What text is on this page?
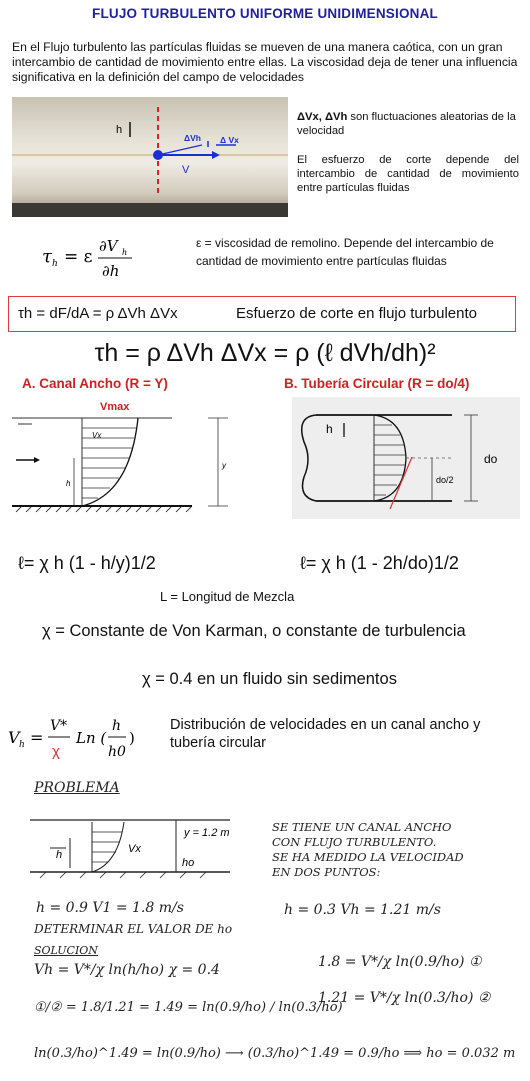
FLUJO TURBULENTO UNIFORME UNIDIMENSIONAL
En el Flujo turbulento las partículas fluidas se mueven de una manera caótica, con un gran intercambio de cantidad de movimiento entre ellas. La viscosidad deja de tener una influencia significativa en la definición del campo de velocidades
h
ΔVh Δ Vx
V
ΔVx, ΔVh son fluctuaciones aleatorias de la velocidad
El esfuerzo de corte depende del intercambio de cantidad de movimiento entre partículas fluidas
τ h = ε
∂V h
∂h
ε = viscosidad de remolino. Depende del intercambio de cantidad de movimiento entre partículas fluidas
τh = dF/dA = ρ ΔVh ΔVx	Esfuerzo de corte en flujo turbulento
τh = ρ ΔVh ΔVx = ρ (ℓ dVh/dh)²
A. Canal Ancho (R = Y)	B. Tubería Circular (R = do/4)
Vmax
Vx
h
y
h
do/2
do
ℓ= χ h (1 - h/y)1/2	ℓ= χ h (1 - 2h/do)1/2
L = Longitud de Mezcla
χ = Constante de Von Karman, o constante de turbulencia
χ = 0.4 en un fluido sin sedimentos
V h =
V*
χ
Ln (
h
h0
)
Distribución de velocidades en un canal ancho y tubería circular
PROBLEMA
h	Vx
y = 1.2 m
ho
SE TIENE UN CANAL ANCHO
CON FLUJO TURBULENTO.
SE HA MEDIDO LA VELOCIDAD
EN DOS PUNTOS:
h = 0.9 V1 = 1.8 m/s	h = 0.3 Vh = 1.21 m/s
DETERMINAR EL VALOR DE ho
SOLUCION
Vh = V*/χ ln(h/ho) χ = 0.4	1.8 = V*/χ ln(0.9/ho) ①
1.21 = V*/χ ln(0.3/ho) ②
①/② = 1.8/1.21 = 1.49 = ln(0.9/ho) / ln(0.3/ho)
ln(0.3/ho)^1.49 = ln(0.9/ho) ⟶ (0.3/ho)^1.49 = 0.9/ho ⟹ ho = 0.032 m
